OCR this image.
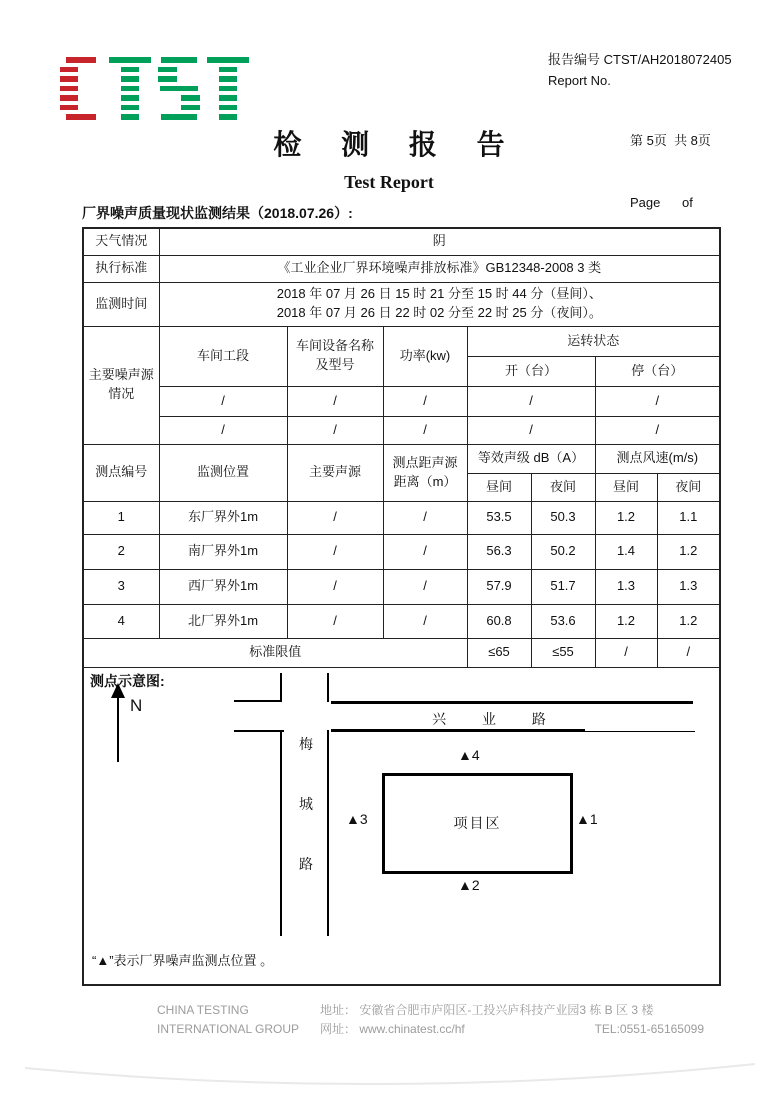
报告编号 CTST/AH2018072405
Report No.

第 5页  共 8页

Page      of

检 测 报 告
Test Report
厂界噪声质量现状监测结果（2018.07.26）:
天气情况	阴						
执行标准	《工业企业厂界环境噪声排放标准》GB12348-2008 3 类						
监测时间	2018 年 07 月 26 日 15 时 21 分至 15 时 44 分（昼间）、
2018 年 07 月 26 日 22 时 02 分至 22 时 25 分（夜间）。						
主要噪声源情况	车间工段	车间设备名称及型号	功率(kw)	运转状态			
				开（台）		停（台）	
	/	/	/	/		/	
	/	/	/	/		/	
测点编号	监测位置	主要声源	测点距声源距离（m）	等效声级 dB（A）		测点风速(m/s)	
				昼间	夜间	昼间	夜间
1	东厂界外1m	/	/	53.5	50.3	1.2	1.1
2	南厂界外1m	/	/	56.3	50.2	1.4	1.2
3	西厂界外1m	/	/	57.9	51.7	1.3	1.3
4	北厂界外1m	/	/	60.8	53.6	1.2	1.2
标准限值				≤65	≤55	/	/

测点示意图:
N
兴 业 路
梅
城
路
项目区	▲1
▲2
▲3
▲4
“▲”表示厂界噪声监测点位置 。
CHINA TESTING
INTERNATIONAL GROUP
地址： 安徽省合肥市庐阳区-工投兴庐科技产业园3 栋 B 区 3 楼
网址： www.chinatest.cc/hf	TEL:0551-65165099
